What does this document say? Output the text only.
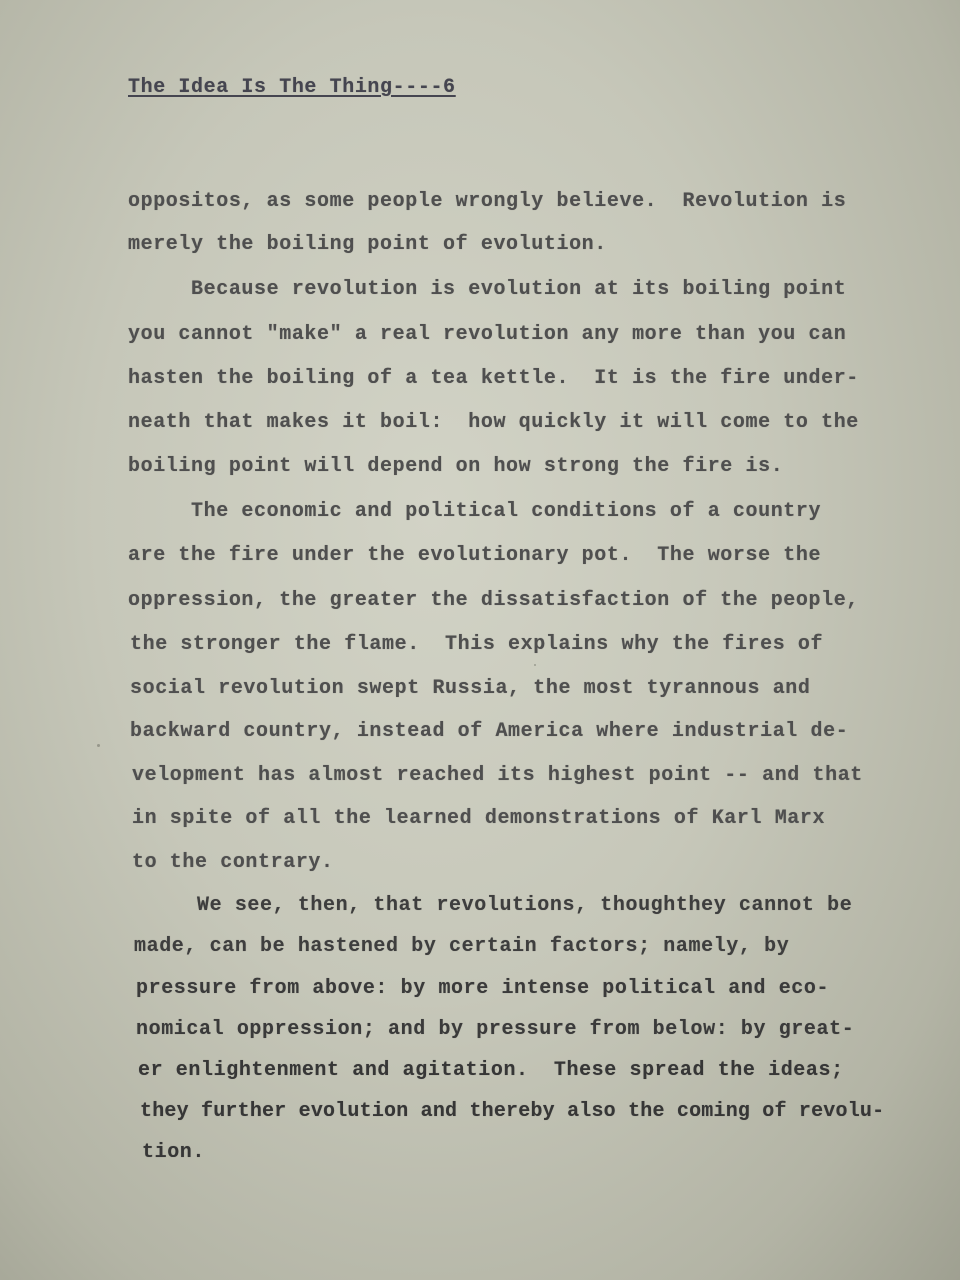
The Idea Is The Thing----6
oppositos, as some people wrongly believe.  Revolution is
merely the boiling point of evolution.
Because revolution is evolution at its boiling point
you cannot "make" a real revolution any more than you can
hasten the boiling of a tea kettle.  It is the fire under-
neath that makes it boil:  how quickly it will come to the
boiling point will depend on how strong the fire is.
The economic and political conditions of a country
are the fire under the evolutionary pot.  The worse the
oppression, the greater the dissatisfaction of the people,
the stronger the flame.  This explains why the fires of
social revolution swept Russia, the most tyrannous and
backward country, instead of America where industrial de-
velopment has almost reached its highest point -- and that
in spite of all the learned demonstrations of Karl Marx
to the contrary.
We see, then, that revolutions, thoughthey cannot be
made, can be hastened by certain factors; namely, by
pressure from above: by more intense political and eco-
nomical oppression; and by pressure from below: by great-
er enlightenment and agitation.  These spread the ideas;
they further evolution and thereby also the coming of revolu-
tion.
